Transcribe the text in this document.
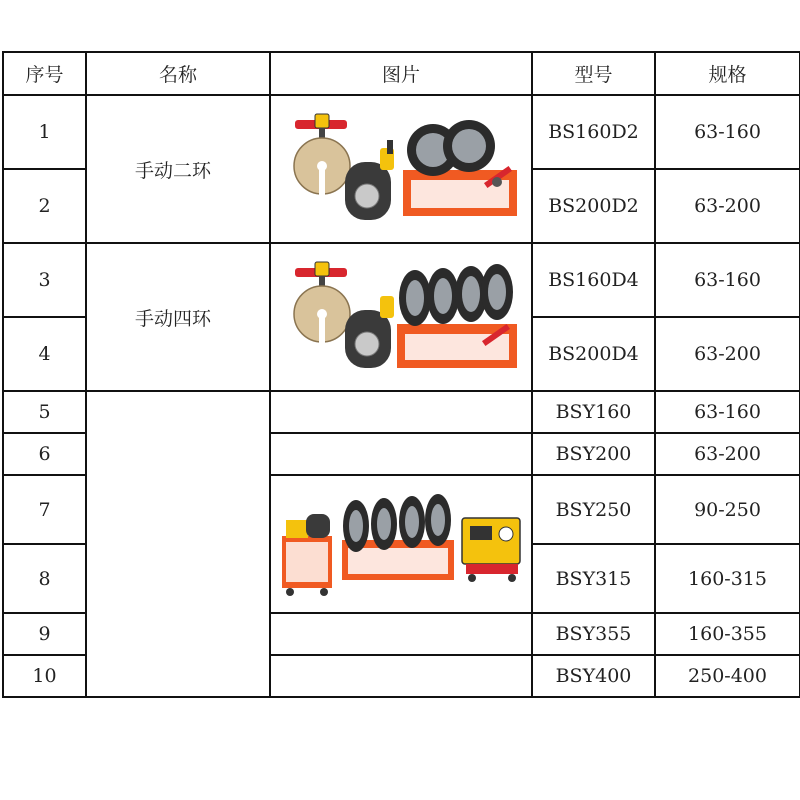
序号	名称	图片	型号	规格
1	手动二环		BS160D2	63-160
2			BS200D2	63-200
3	手动四环		BS160D4	63-160
4			BS200D4	63-200
5			BSY160	63-160
6			BSY200	63-200
7			BSY250	90-250
8			BSY315	160-315
9			BSY355	160-355
10			BSY400	250-400
